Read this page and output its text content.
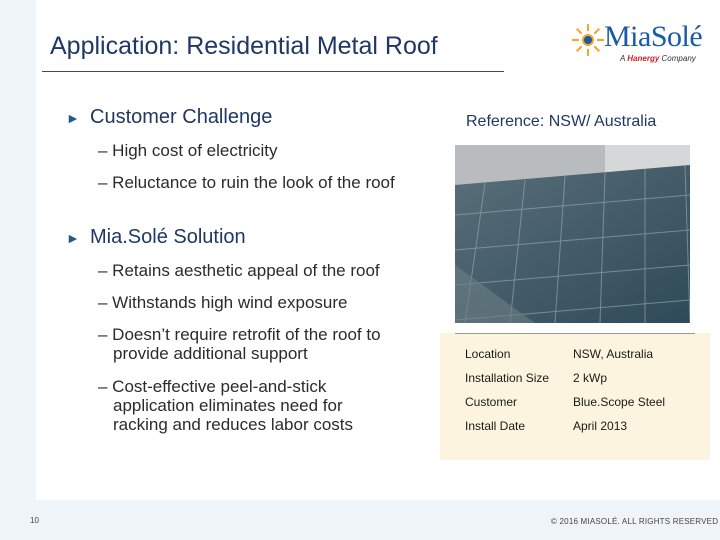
Application: Residential Metal Roof	MiaSolé
A Hanergy Company
► Customer Challenge
– High cost of electricity
– Reluctance to ruin the look of the roof
► Mia.Solé Solution
– Retains aesthetic appeal of the roof
– Withstands high wind exposure
– Doesn’t require retrofit of the roof to provide additional support
– Cost-effective peel-and-stick application eliminates need for racking and reduces labor costs
Reference: NSW/ Australia
Location	NSW, Australia
Installation Size 2 kWp
Customer	Blue.Scope Steel
Install Date	April 2013
10	© 2016 MIASOLÉ. ALL RIGHTS RESERVED
